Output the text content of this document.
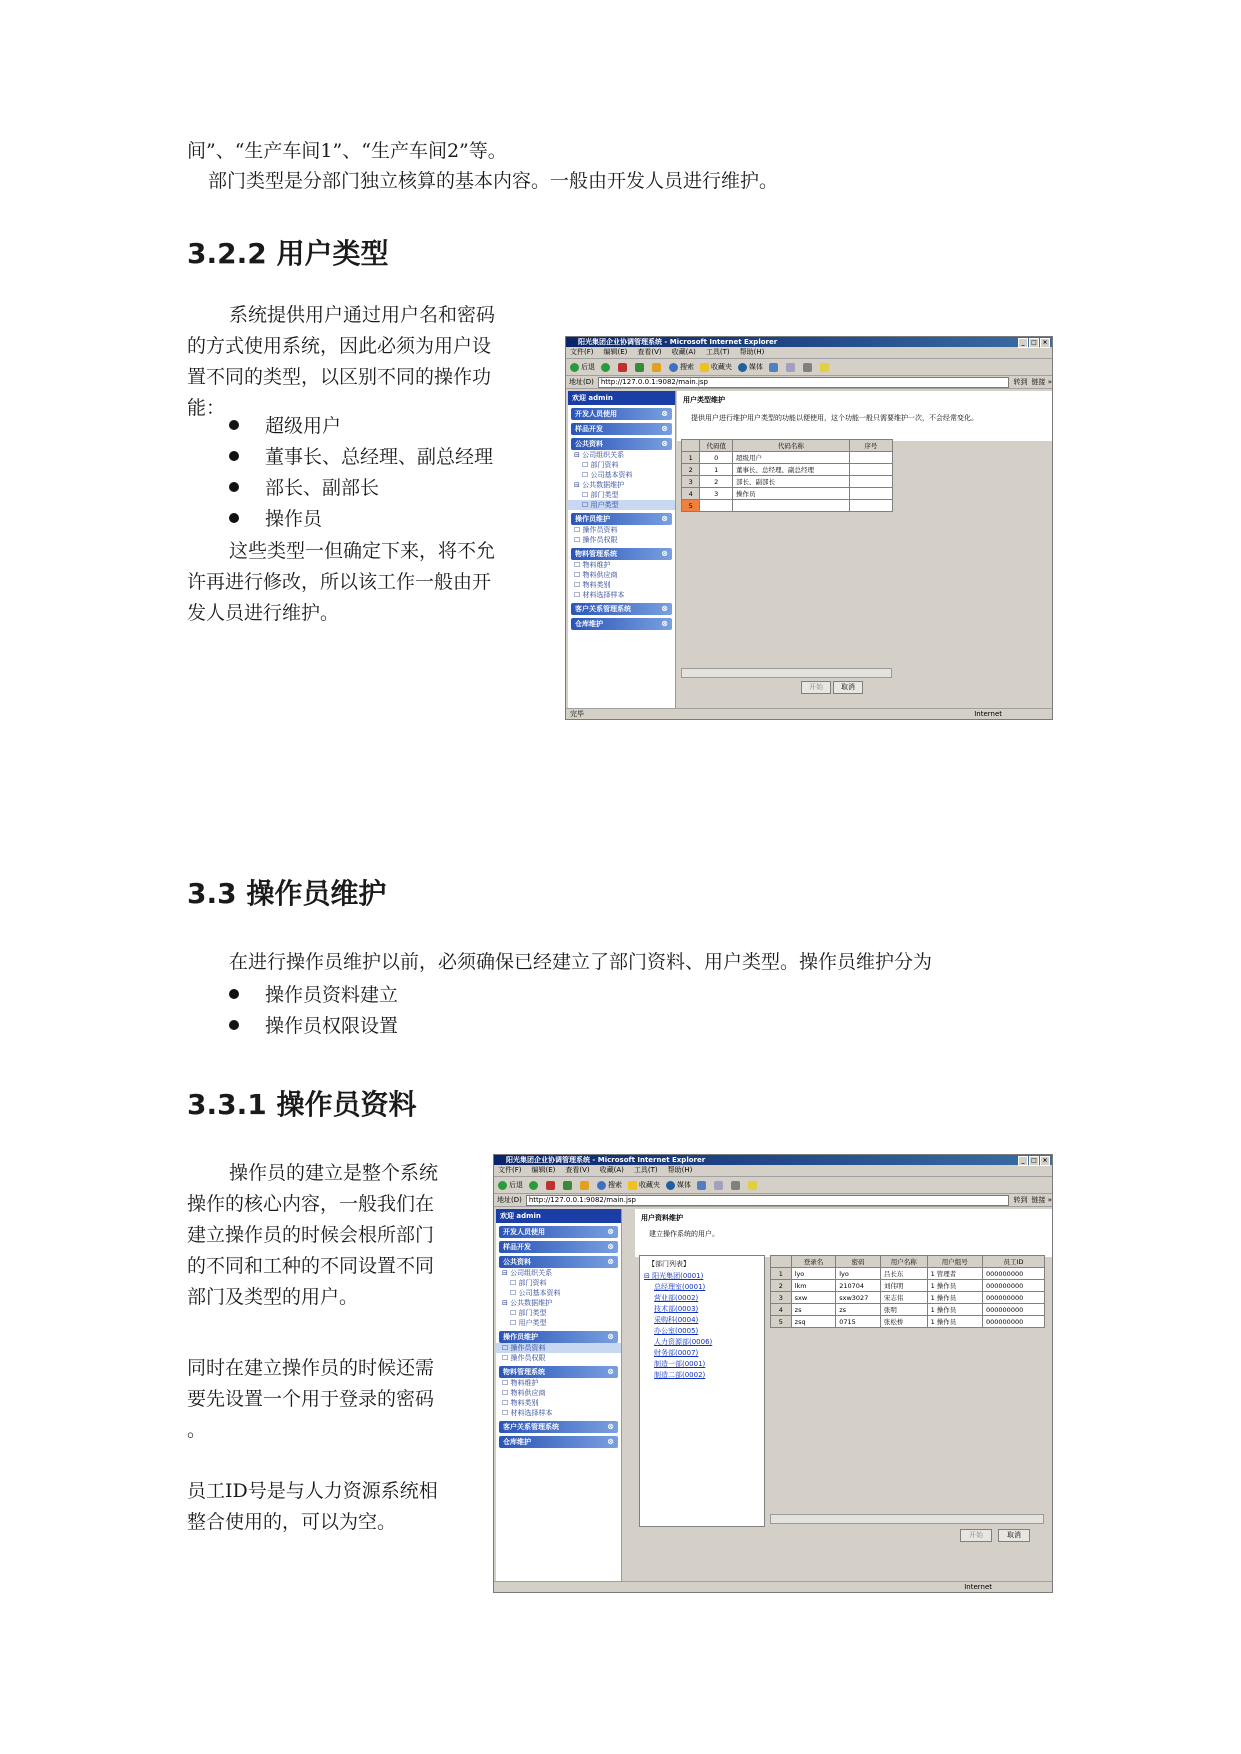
间”、“生产车间1”、“生产车间2”等。

部门类型是分部门独立核算的基本内容。一般由开发人员进行维护。

3.2.2 用户类型
系统提供用户通过用户名和密码
的方式使用系统，因此必须为用户设
置不同的类型，以区别不同的操作功
能：
超级用户
董事长、总经理、副总经理
部长、副部长
操作员
这些类型一但确定下来，将不允
许再进行修改，所以该工作一般由开
发人员进行维护。
阳光集团企业协调管理系统 - Microsoft Internet Explorer	_	□ ×
文件(F) 编辑(E) 查看(V) 收藏(A) 工具(T) 帮助(H)
后退	搜索	收藏夹	媒体
地址(D)	http://127.0.0.1:9082/main.jsp	转到 链接 »
欢迎 admin
开发人员使用 ⊗
样品开发 ⊗
公共资料 ⊗
⊟ 公司组织关系
☐ 部门资料
☐ 公司基本资料
⊟ 公共数据维护
☐ 部门类型
☐ 用户类型
操作员维护 ⊗
☐ 操作员资料
☐ 操作员权限
物料管理系统 ⊗
☐ 物料维护
☐ 物料供应商
☐ 物料类别
☐ 材料选择样本
客户关系管理系统 ⊗
仓库维护 ⊗
用户类型维护
提供用户进行维护用户类型的功能以便使用，这个功能一般只需要维护一次，不会经常变化。
	代码值	代码名称	序号
1	0	超级用户	
2	1	董事长、总经理、副总经理	
3	2	部长、副部长	
4	3	操作员	
5			
开始	取消
完毕	Internet
3.3 操作员维护

在进行操作员维护以前，必须确保已经建立了部门资料、用户类型。操作员维护分为

操作员资料建立
操作员权限设置
3.3.1 操作员资料
操作员的建立是整个系统
操作的核心内容，一般我们在
建立操作员的时候会根所部门
的不同和工种的不同设置不同
部门及类型的用户。
同时在建立操作员的时候还需
要先设置一个用于登录的密码
。
员工ID号是与人力资源系统相
整合使用的，可以为空。
阳光集团企业协调管理系统 - Microsoft Internet Explorer	_	□ ×
文件(F) 编辑(E) 查看(V) 收藏(A) 工具(T) 帮助(H)
后退	搜索	收藏夹	媒体
地址(D)	http://127.0.0.1:9082/main.jsp	转到 链接 »
欢迎 admin
开发人员使用 ⊗
样品开发 ⊗
公共资料 ⊗
⊟ 公司组织关系
☐ 部门资料
☐ 公司基本资料
⊟ 公共数据维护
☐ 部门类型
☐ 用户类型
操作员维护 ⊗
☐ 操作员资料
☐ 操作员权限
物料管理系统 ⊗
☐ 物料维护
☐ 物料供应商
☐ 物料类别
☐ 材料选择样本
客户关系管理系统 ⊗
仓库维护 ⊗
用户资料维护
建立操作系统的用户。
【部门列表】
⊟ 阳光集团(0001)
总经理室(0001)
营业部(0002)
技术部(0003)
采购科(0004)
办公室(0005)
人力资源部(0006)
财务部(0007)
制造一部(0001)
制造二部(0002)
	登录名	密码	用户名称	用户组号	员工ID
1	lyo	lyo	吕长东	1 管理者	000000000
2	lkm	210704	刘伟明	1 操作员	000000000
3	sxw	sxw3027	宋志伟	1 操作员	000000000
4	zs	zs	张明	1 操作员	000000000
5	zsq	0715	张松桥	1 操作员	000000000
开始	取消
Internet
